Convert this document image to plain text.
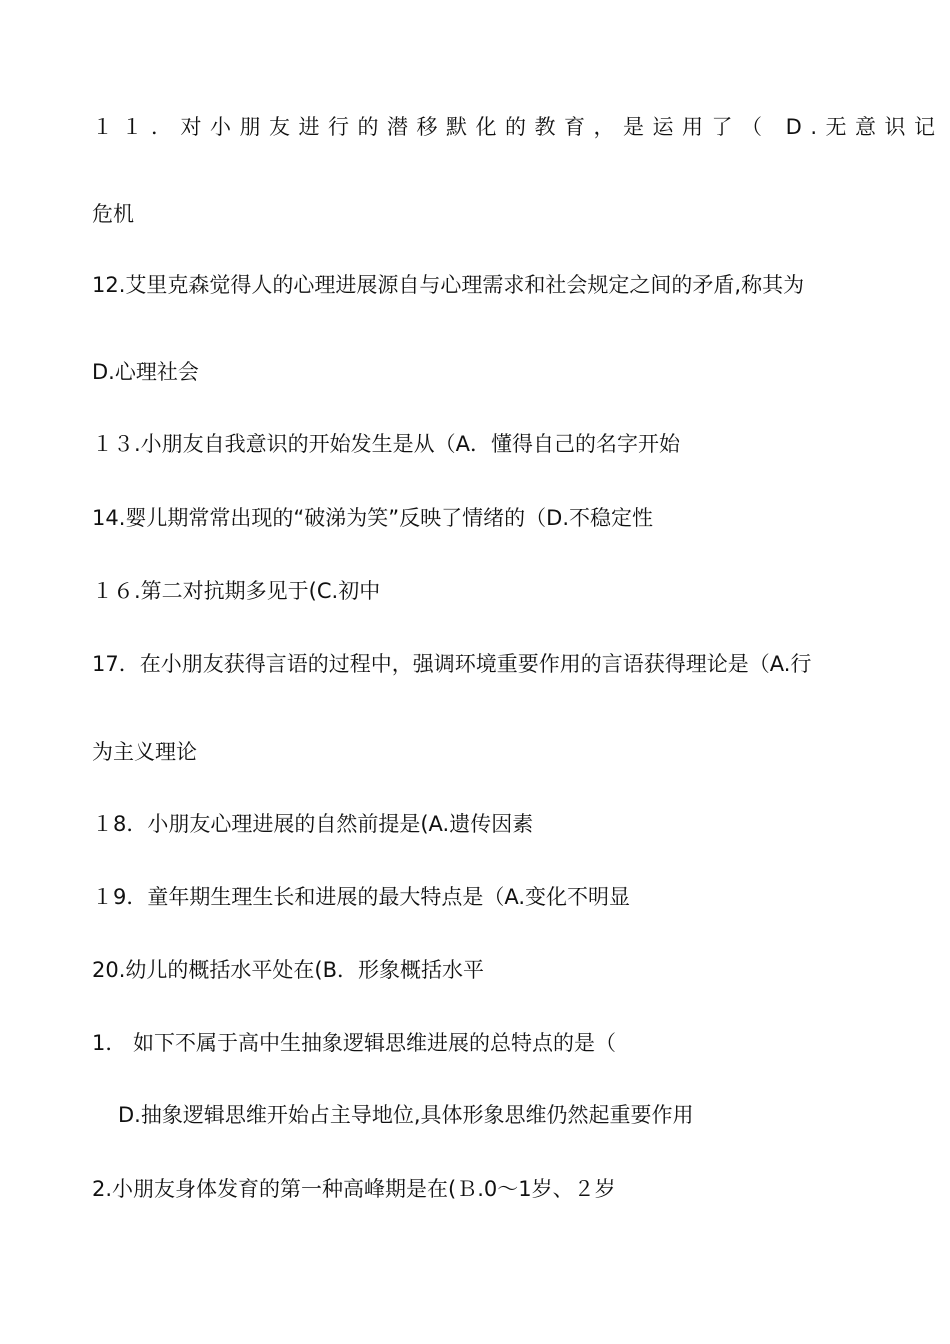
１１．对小朋友进行的潜移默化的教育，是运用了（ D.无意识记
危机
12.艾里克森觉得人的心理进展源自与心理需求和社会规定之间的矛盾,称其为
D.心理社会
１３.小朋友自我意识的开始发生是从（A．懂得自己的名字开始
14.婴儿期常常出现的“破涕为笑”反映了情绪的（D.不稳定性
１６.第二对抗期多见于(C.初中
17．在小朋友获得言语的过程中，强调环境重要作用的言语获得理论是（A.行
为主义理论
１8．小朋友心理进展的自然前提是(A.遗传因素
１9．童年期生理生长和进展的最大特点是（A.变化不明显
20.幼儿的概括水平处在(B．形象概括水平
1． 如下不属于高中生抽象逻辑思维进展的总特点的是（
D.抽象逻辑思维开始占主导地位,具体形象思维仍然起重要作用
2.小朋友身体发育的第一种高峰期是在(Ｂ.0～1岁、２岁
